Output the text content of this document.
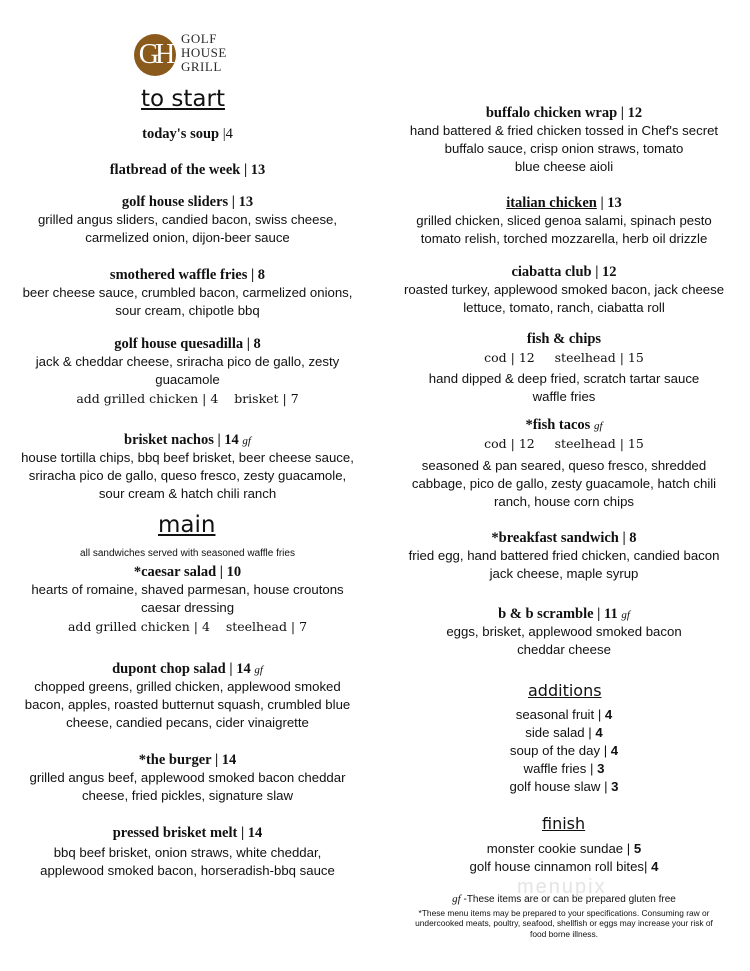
GH
GOLF
HOUSE
GRILL
to start
today's soup |4
flatbread of the week | 13
golf house sliders | 13
grilled angus sliders, candied bacon, swiss cheese,
carmelized onion, dijon-beer sauce
smothered waffle fries | 8
beer cheese sauce, crumbled bacon, carmelized onions,
sour cream, chipotle bbq
golf house quesadilla | 8
jack & cheddar cheese, sriracha pico de gallo, zesty
guacamole
add grilled chicken | 4 brisket | 7
brisket nachos | 14 gf
house tortilla chips, bbq beef brisket, beer cheese sauce,
sriracha pico de gallo, queso fresco, zesty guacamole,
sour cream & hatch chili ranch
main
all sandwiches served with seasoned waffle fries
*caesar salad | 10
hearts of romaine, shaved parmesan, house croutons
caesar dressing
add grilled chicken | 4 steelhead | 7
dupont chop salad | 14 gf
chopped greens, grilled chicken, applewood smoked
bacon, apples, roasted butternut squash, crumbled blue
cheese, candied pecans, cider vinaigrette
*the burger | 14
grilled angus beef, applewood smoked bacon cheddar
cheese, fried pickles, signature slaw
pressed brisket melt | 14
bbq beef brisket, onion straws, white cheddar,
applewood smoked bacon, horseradish-bbq sauce
buffalo chicken wrap | 12
hand battered & fried chicken tossed in Chef's secret
buffalo sauce, crisp onion straws, tomato
blue cheese aioli
italian chicken | 13
grilled chicken, sliced genoa salami, spinach pesto
tomato relish, torched mozzarella, herb oil drizzle
ciabatta club | 12
roasted turkey, applewood smoked bacon, jack cheese
lettuce, tomato, ranch, ciabatta roll
fish & chips
cod | 12 steelhead | 15
hand dipped & deep fried, scratch tartar sauce
waffle fries
*fish tacos gf
cod | 12 steelhead | 15
seasoned & pan seared, queso fresco, shredded
cabbage, pico de gallo, zesty guacamole, hatch chili
ranch, house corn chips
*breakfast sandwich | 8
fried egg, hand battered fried chicken, candied bacon
jack cheese, maple syrup
b & b scramble | 11 gf
eggs, brisket, applewood smoked bacon
cheddar cheese
additions
seasonal fruit | 4
side salad | 4
soup of the day | 4
waffle fries | 3
golf house slaw | 3
finish
monster cookie sundae | 5
golf house cinnamon roll bites| 4
gf -These items are or can be prepared gluten free
*These menu items may be prepared to your specifications. Consuming raw or
undercooked meats, poultry, seafood, shellfish or eggs may increase your risk of
food borne illness.
menupix
